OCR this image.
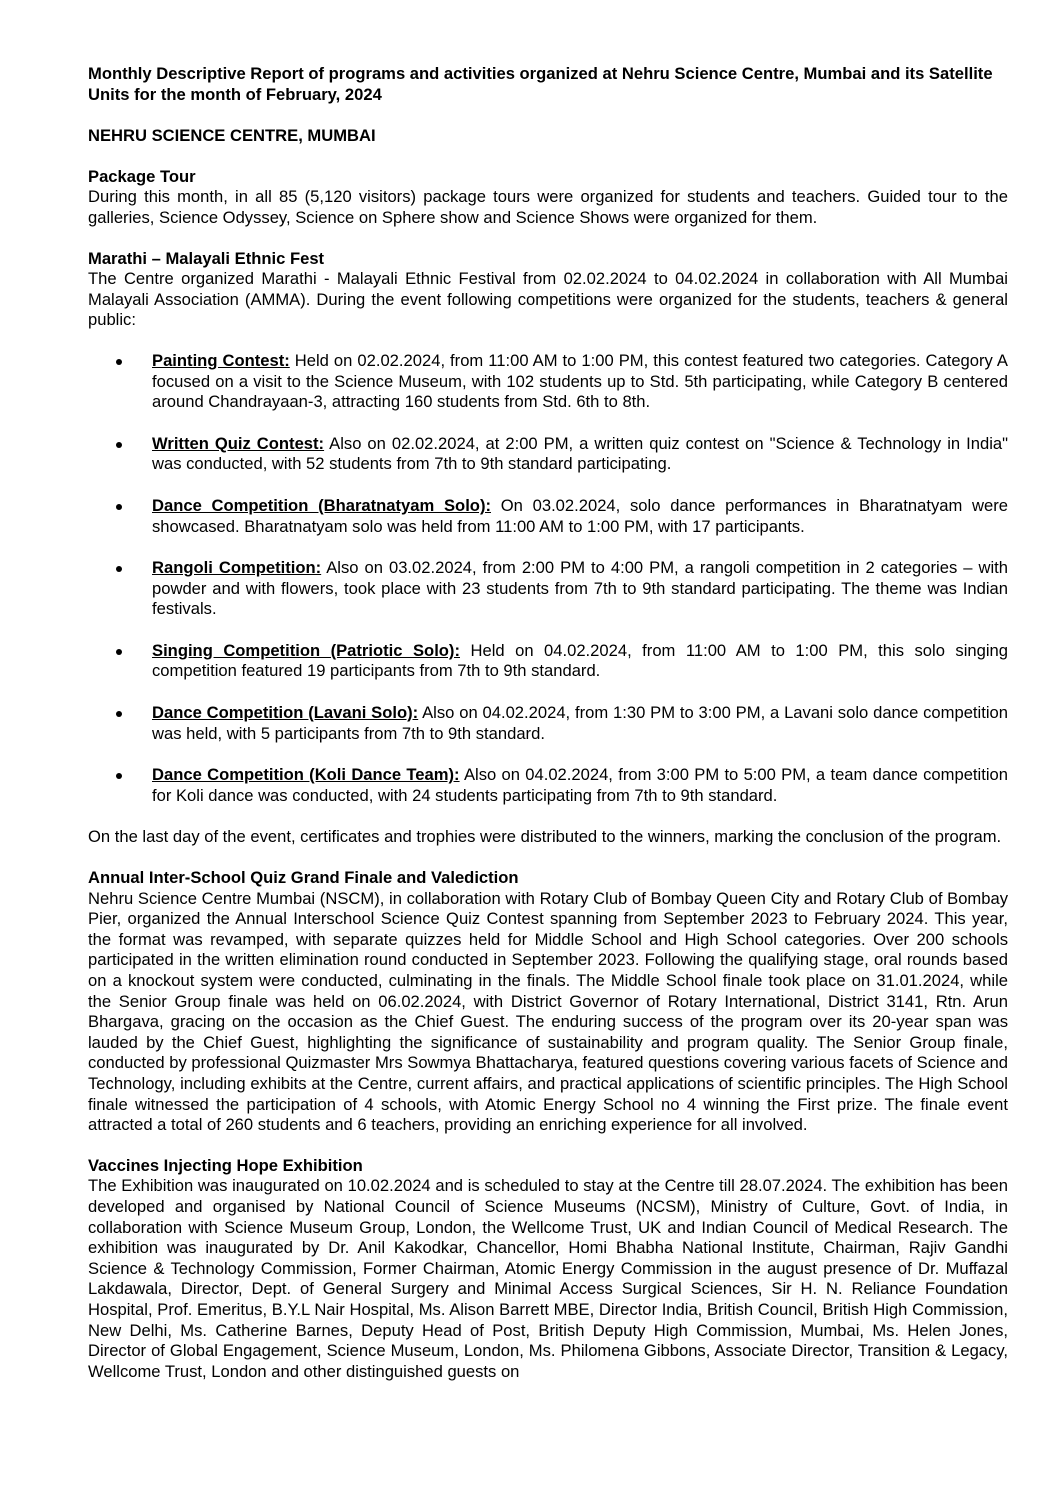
Monthly Descriptive Report of programs and activities organized at Nehru Science Centre, Mumbai and its Satellite Units for the month of February, 2024

NEHRU SCIENCE CENTRE, MUMBAI

Package Tour

During this month, in all 85 (5,120 visitors) package tours were organized for students and teachers. Guided tour to the galleries, Science Odyssey, Science on Sphere show and Science Shows were organized for them.

Marathi – Malayali Ethnic Fest

The Centre organized Marathi - Malayali Ethnic Festival from 02.02.2024 to 04.02.2024 in collaboration with All Mumbai Malayali Association (AMMA). During the event following competitions were organized for the students, teachers & general public:

Painting Contest: Held on 02.02.2024, from 11:00 AM to 1:00 PM, this contest featured two categories. Category A focused on a visit to the Science Museum, with 102 students up to Std. 5th participating, while Category B centered around Chandrayaan-3, attracting 160 students from Std. 6th to 8th.
Written Quiz Contest: Also on 02.02.2024, at 2:00 PM, a written quiz contest on "Science & Technology in India" was conducted, with 52 students from 7th to 9th standard participating.
Dance Competition (Bharatnatyam Solo): On 03.02.2024, solo dance performances in Bharatnatyam were showcased. Bharatnatyam solo was held from 11:00 AM to 1:00 PM, with 17 participants.
Rangoli Competition: Also on 03.02.2024, from 2:00 PM to 4:00 PM, a rangoli competition in 2 categories – with powder and with flowers, took place with 23 students from 7th to 9th standard participating. The theme was Indian festivals.
Singing Competition (Patriotic Solo): Held on 04.02.2024, from 11:00 AM to 1:00 PM, this solo singing competition featured 19 participants from 7th to 9th standard.
Dance Competition (Lavani Solo): Also on 04.02.2024, from 1:30 PM to 3:00 PM, a Lavani solo dance competition was held, with 5 participants from 7th to 9th standard.
Dance Competition (Koli Dance Team): Also on 04.02.2024, from 3:00 PM to 5:00 PM, a team dance competition for Koli dance was conducted, with 24 students participating from 7th to 9th standard.

On the last day of the event, certificates and trophies were distributed to the winners, marking the conclusion of the program.

Annual Inter-School Quiz Grand Finale and Valediction

Nehru Science Centre Mumbai (NSCM), in collaboration with Rotary Club of Bombay Queen City and Rotary Club of Bombay Pier, organized the Annual Interschool Science Quiz Contest spanning from September 2023 to February 2024. This year, the format was revamped, with separate quizzes held for Middle School and High School categories. Over 200 schools participated in the written elimination round conducted in September 2023. Following the qualifying stage, oral rounds based on a knockout system were conducted, culminating in the finals. The Middle School finale took place on 31.01.2024, while the Senior Group finale was held on 06.02.2024, with District Governor of Rotary International, District 3141, Rtn. Arun Bhargava, gracing on the occasion as the Chief Guest. The enduring success of the program over its 20-year span was lauded by the Chief Guest, highlighting the significance of sustainability and program quality. The Senior Group finale, conducted by professional Quizmaster Mrs Sowmya Bhattacharya, featured questions covering various facets of Science and Technology, including exhibits at the Centre, current affairs, and practical applications of scientific principles. The High School finale witnessed the participation of 4 schools, with Atomic Energy School no 4 winning the First prize. The finale event attracted a total of 260 students and 6 teachers, providing an enriching experience for all involved.

Vaccines Injecting Hope Exhibition

The Exhibition was inaugurated on 10.02.2024 and is scheduled to stay at the Centre till 28.07.2024. The exhibition has been developed and organised by National Council of Science Museums (NCSM), Ministry of Culture, Govt. of India, in collaboration with Science Museum Group, London, the Wellcome Trust, UK and Indian Council of Medical Research. The exhibition was inaugurated by Dr. Anil Kakodkar, Chancellor, Homi Bhabha National Institute, Chairman, Rajiv Gandhi Science & Technology Commission, Former Chairman, Atomic Energy Commission in the august presence of Dr. Muffazal Lakdawala, Director, Dept. of General Surgery and Minimal Access Surgical Sciences, Sir H. N. Reliance Foundation Hospital, Prof. Emeritus, B.Y.L Nair Hospital, Ms. Alison Barrett MBE, Director India, British Council, British High Commission, New Delhi, Ms. Catherine Barnes, Deputy Head of Post, British Deputy High Commission, Mumbai, Ms. Helen Jones, Director of Global Engagement, Science Museum, London, Ms. Philomena Gibbons, Associate Director, Transition & Legacy, Wellcome Trust, London and other distinguished guests on
